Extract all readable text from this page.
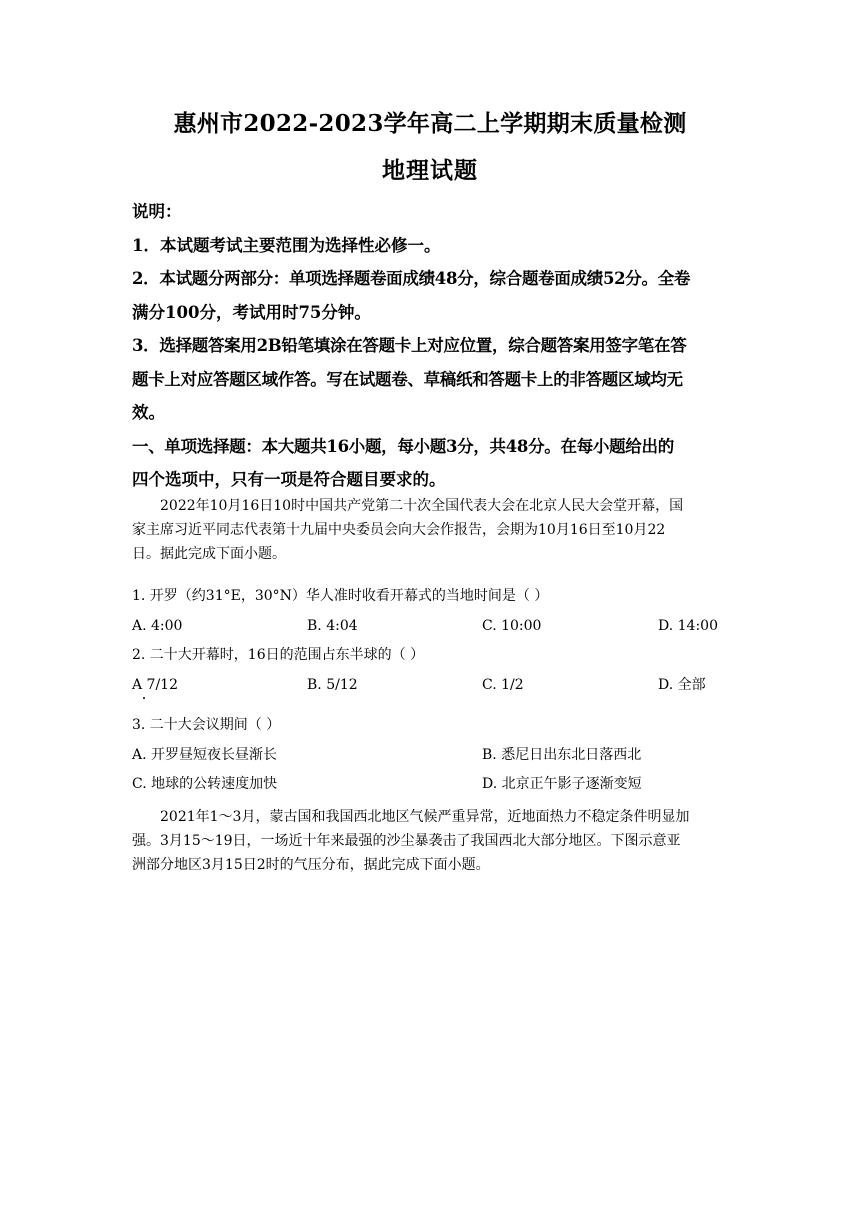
惠州市2022-2023学年高二上学期期末质量检测
地理试题
说明：
1．本试题考试主要范围为选择性必修一。
2．本试题分两部分：单项选择题卷面成绩48分，综合题卷面成绩52分。全卷
满分100分，考试用时75分钟。
3．选择题答案用2B铅笔填涂在答题卡上对应位置，综合题答案用签字笔在答
题卡上对应答题区域作答。写在试题卷、草稿纸和答题卡上的非答题区域均无
效。
一、单项选择题：本大题共16小题，每小题3分，共48分。在每小题给出的
四个选项中，只有一项是符合题目要求的。
2022年10月16日10时中国共产党第二十次全国代表大会在北京人民大会堂开幕，国
家主席习近平同志代表第十九届中央委员会向大会作报告，会期为10月16日至10月22
日。据此完成下面小题。
1. 开罗（约31°E，30°N）华人准时收看开幕式的当地时间是（ ）
A. 4:00	B. 4:04	C. 10:00	D. 14:00
2. 二十大开幕时，16日的范围占东半球的（ ）
A 7/12	B. 5/12	C. 1/2	D. 全部
3. 二十大会议期间（ ）
A. 开罗昼短夜长昼渐长	B. 悉尼日出东北日落西北
C. 地球的公转速度加快	D. 北京正午影子逐渐变短
2021年1～3月，蒙古国和我国西北地区气候严重异常，近地面热力不稳定条件明显加
强。3月15～19日，一场近十年来最强的沙尘暴袭击了我国西北大部分地区。下图示意亚
洲部分地区3月15日2时的气压分布，据此完成下面小题。
